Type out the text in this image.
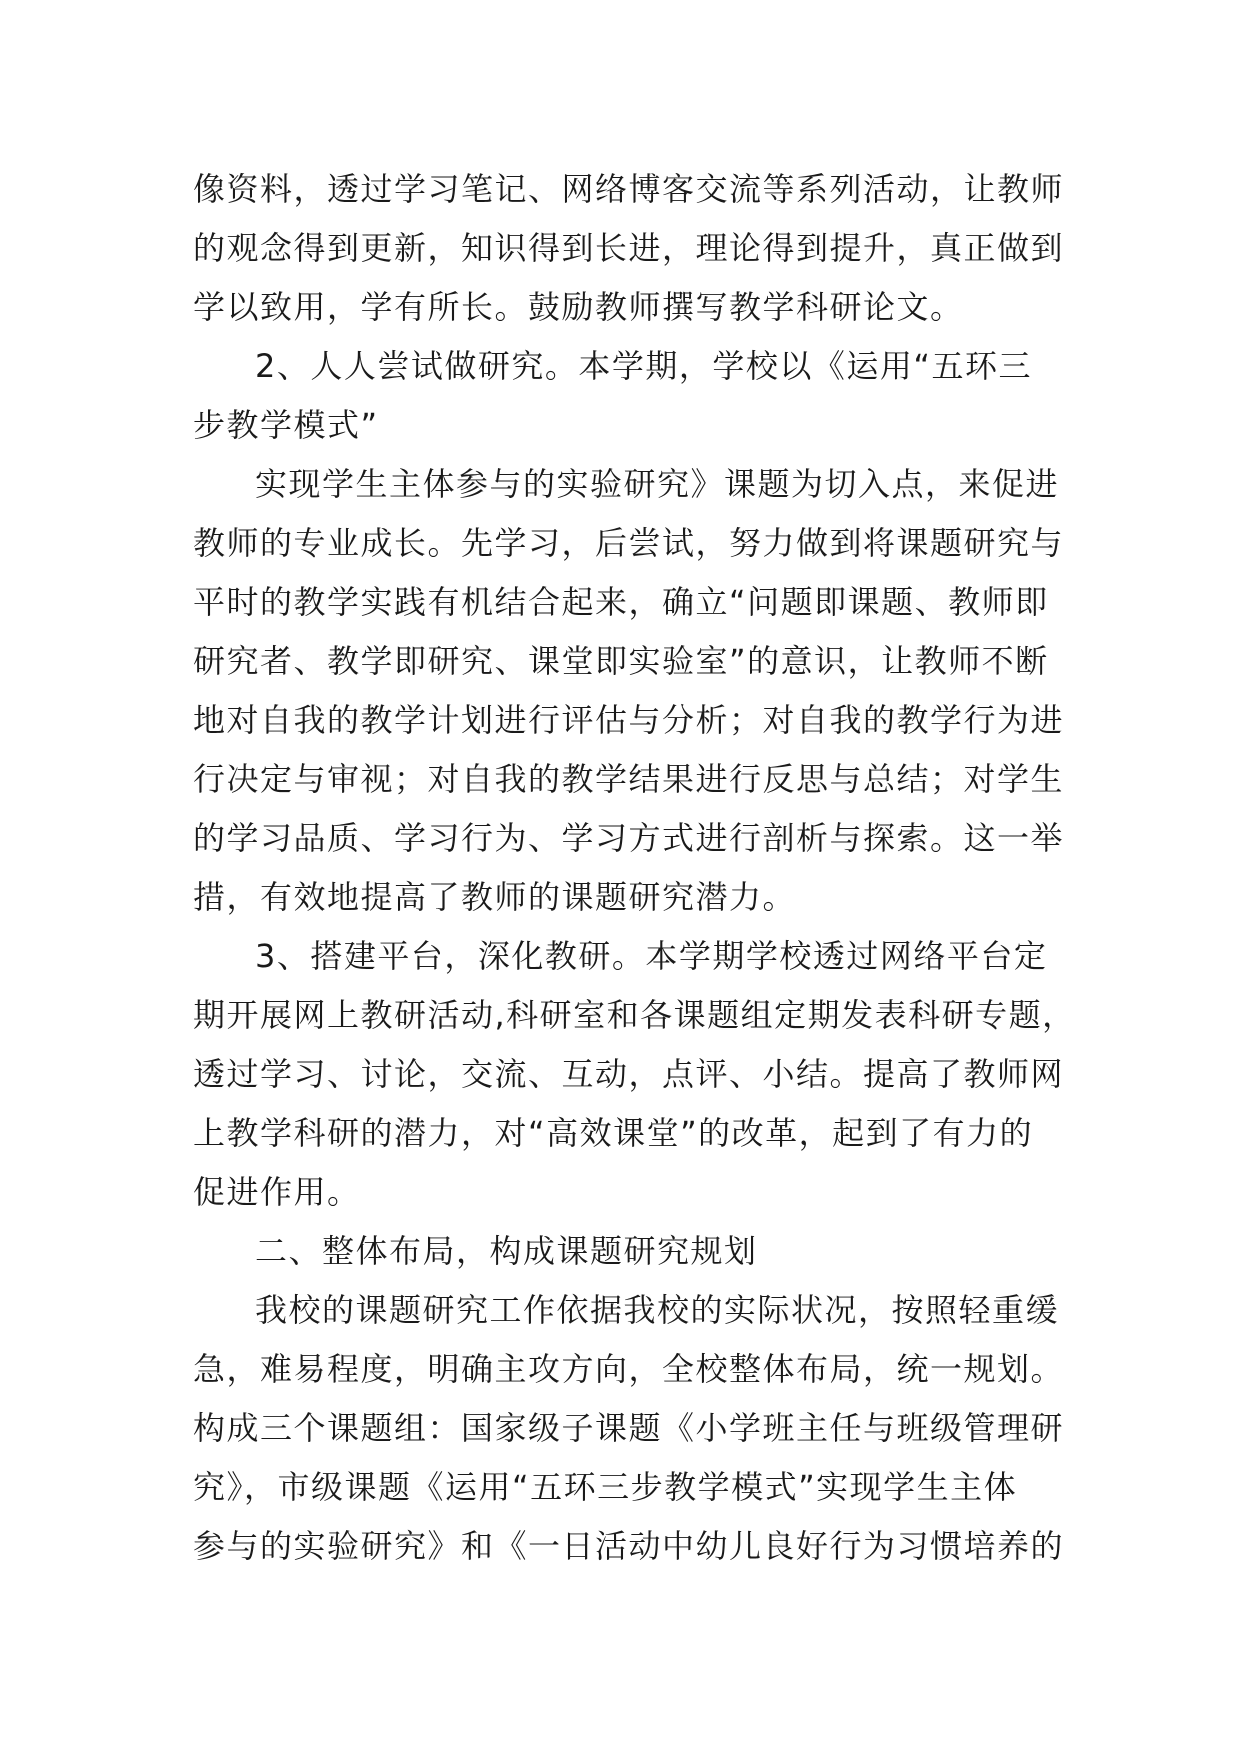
像资料，透过学习笔记、网络博客交流等系列活动，让教师
的观念得到更新，知识得到长进，理论得到提升，真正做到
学以致用，学有所长。鼓励教师撰写教学科研论文。
2、人人尝试做研究。本学期，学校以《运用“五环三
步教学模式”
实现学生主体参与的实验研究》课题为切入点，来促进
教师的专业成长。先学习，后尝试，努力做到将课题研究与
平时的教学实践有机结合起来，确立“问题即课题、教师即
研究者、教学即研究、课堂即实验室”的意识，让教师不断
地对自我的教学计划进行评估与分析；对自我的教学行为进
行决定与审视；对自我的教学结果进行反思与总结；对学生
的学习品质、学习行为、学习方式进行剖析与探索。这一举
措，有效地提高了教师的课题研究潜力。
3、搭建平台，深化教研。本学期学校透过网络平台定
期开展网上教研活动,科研室和各课题组定期发表科研专题，
透过学习、讨论，交流、互动，点评、小结。提高了教师网
上教学科研的潜力，对“高效课堂”的改革，起到了有力的
促进作用。
二、整体布局，构成课题研究规划
我校的课题研究工作依据我校的实际状况，按照轻重缓
急，难易程度，明确主攻方向，全校整体布局，统一规划。
构成三个课题组：国家级子课题《小学班主任与班级管理研
究》，市级课题《运用“五环三步教学模式”实现学生主体
参与的实验研究》和《一日活动中幼儿良好行为习惯培养的
